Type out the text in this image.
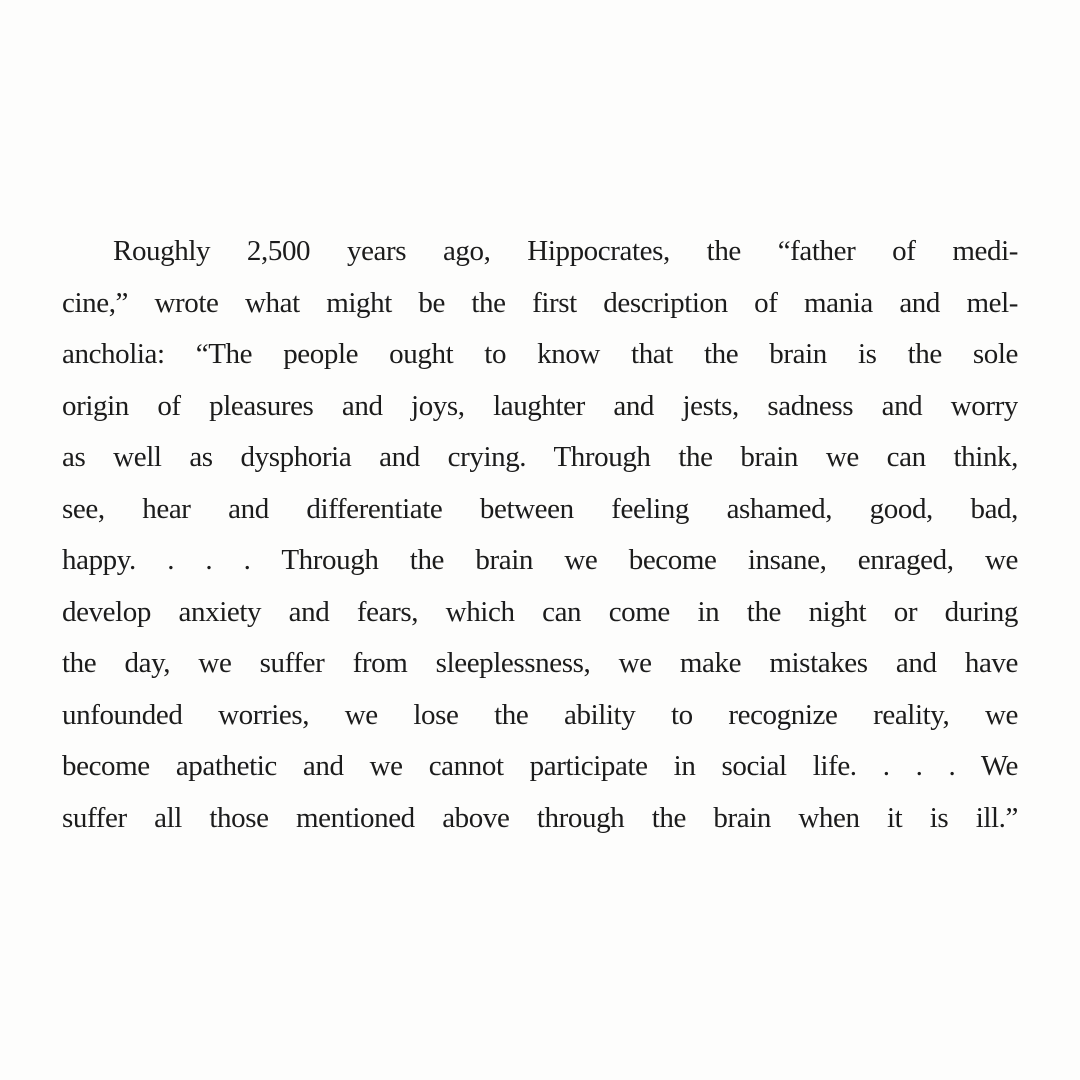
Roughly 2,500 years ago, Hippocrates, the “father of medi-
cine,” wrote what might be the first description of mania and mel-
ancholia: “The people ought to know that the brain is the sole
origin of pleasures and joys, laughter and jests, sadness and worry
as well as dysphoria and crying. Through the brain we can think,
see, hear and differentiate between feeling ashamed, good, bad,
happy. . . . Through the brain we become insane, enraged, we
develop anxiety and fears, which can come in the night or during
the day, we suffer from sleeplessness, we make mistakes and have
unfounded worries, we lose the ability to recognize reality, we
become apathetic and we cannot participate in social life. . . . We
suffer all those mentioned above through the brain when it is ill.”
